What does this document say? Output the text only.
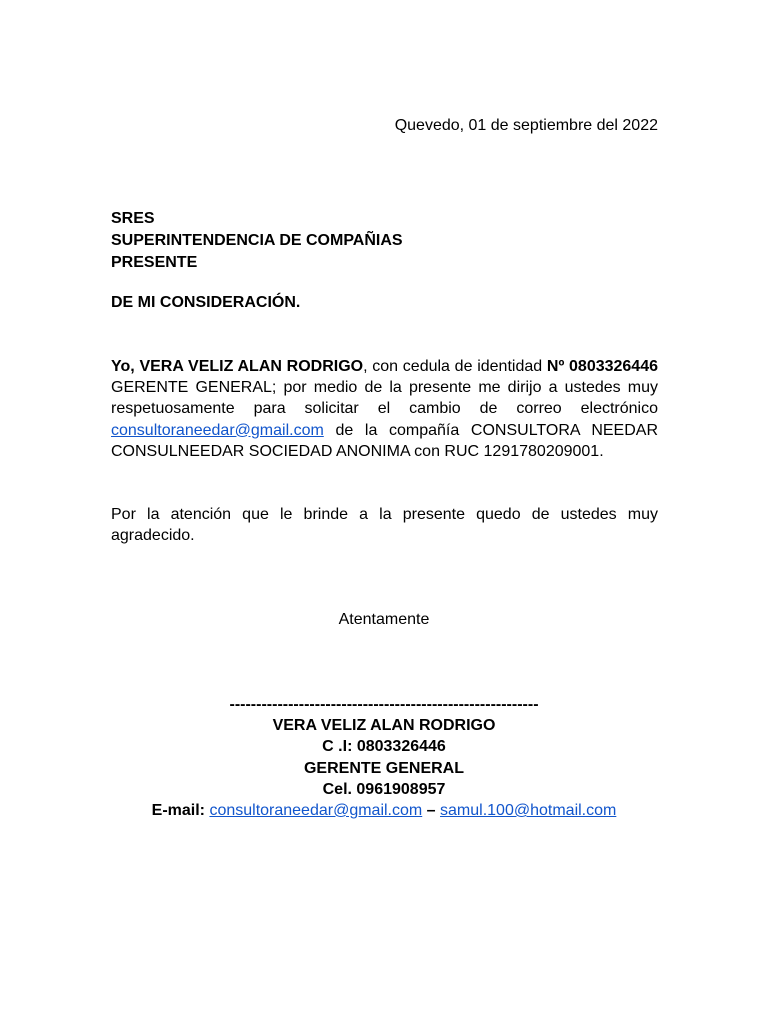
Quevedo, 01 de septiembre del 2022
SRES
SUPERINTENDENCIA DE COMPAÑIAS
PRESENTE
DE MI CONSIDERACIÓN.

Yo, VERA VELIZ ALAN RODRIGO, con cedula de identidad Nº 0803326446 GERENTE GENERAL; por medio de la presente me dirijo a ustedes muy respetuosamente para solicitar el cambio de correo electrónico consultoraneedar@gmail.com de la compañía CONSULTORA NEEDAR CONSULNEEDAR SOCIEDAD ANONIMA con RUC 1291780209001.

Por la atención que le brinde a la presente quedo de ustedes muy agradecido.

Atentamente
----------------------------------------------------------
VERA VELIZ ALAN RODRIGO
C .I: 0803326446
GERENTE GENERAL
Cel. 0961908957
E-mail: consultoraneedar@gmail.com – samul.100@hotmail.com
